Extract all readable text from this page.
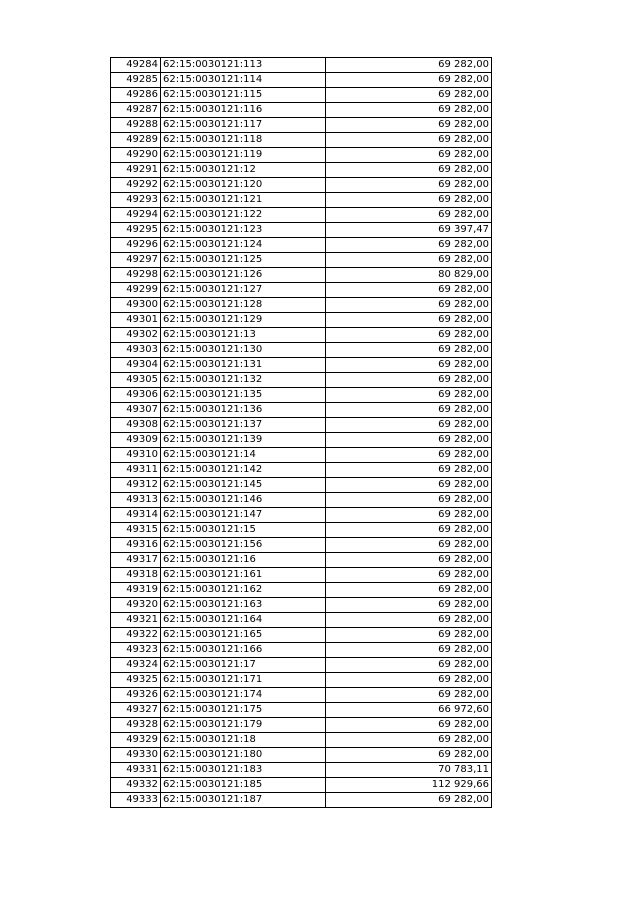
49284	62:15:0030121:113	69 282,00
49285	62:15:0030121:114	69 282,00
49286	62:15:0030121:115	69 282,00
49287	62:15:0030121:116	69 282,00
49288	62:15:0030121:117	69 282,00
49289	62:15:0030121:118	69 282,00
49290	62:15:0030121:119	69 282,00
49291	62:15:0030121:12	69 282,00
49292	62:15:0030121:120	69 282,00
49293	62:15:0030121:121	69 282,00
49294	62:15:0030121:122	69 282,00
49295	62:15:0030121:123	69 397,47
49296	62:15:0030121:124	69 282,00
49297	62:15:0030121:125	69 282,00
49298	62:15:0030121:126	80 829,00
49299	62:15:0030121:127	69 282,00
49300	62:15:0030121:128	69 282,00
49301	62:15:0030121:129	69 282,00
49302	62:15:0030121:13	69 282,00
49303	62:15:0030121:130	69 282,00
49304	62:15:0030121:131	69 282,00
49305	62:15:0030121:132	69 282,00
49306	62:15:0030121:135	69 282,00
49307	62:15:0030121:136	69 282,00
49308	62:15:0030121:137	69 282,00
49309	62:15:0030121:139	69 282,00
49310	62:15:0030121:14	69 282,00
49311	62:15:0030121:142	69 282,00
49312	62:15:0030121:145	69 282,00
49313	62:15:0030121:146	69 282,00
49314	62:15:0030121:147	69 282,00
49315	62:15:0030121:15	69 282,00
49316	62:15:0030121:156	69 282,00
49317	62:15:0030121:16	69 282,00
49318	62:15:0030121:161	69 282,00
49319	62:15:0030121:162	69 282,00
49320	62:15:0030121:163	69 282,00
49321	62:15:0030121:164	69 282,00
49322	62:15:0030121:165	69 282,00
49323	62:15:0030121:166	69 282,00
49324	62:15:0030121:17	69 282,00
49325	62:15:0030121:171	69 282,00
49326	62:15:0030121:174	69 282,00
49327	62:15:0030121:175	66 972,60
49328	62:15:0030121:179	69 282,00
49329	62:15:0030121:18	69 282,00
49330	62:15:0030121:180	69 282,00
49331	62:15:0030121:183	70 783,11
49332	62:15:0030121:185	112 929,66
49333	62:15:0030121:187	69 282,00
